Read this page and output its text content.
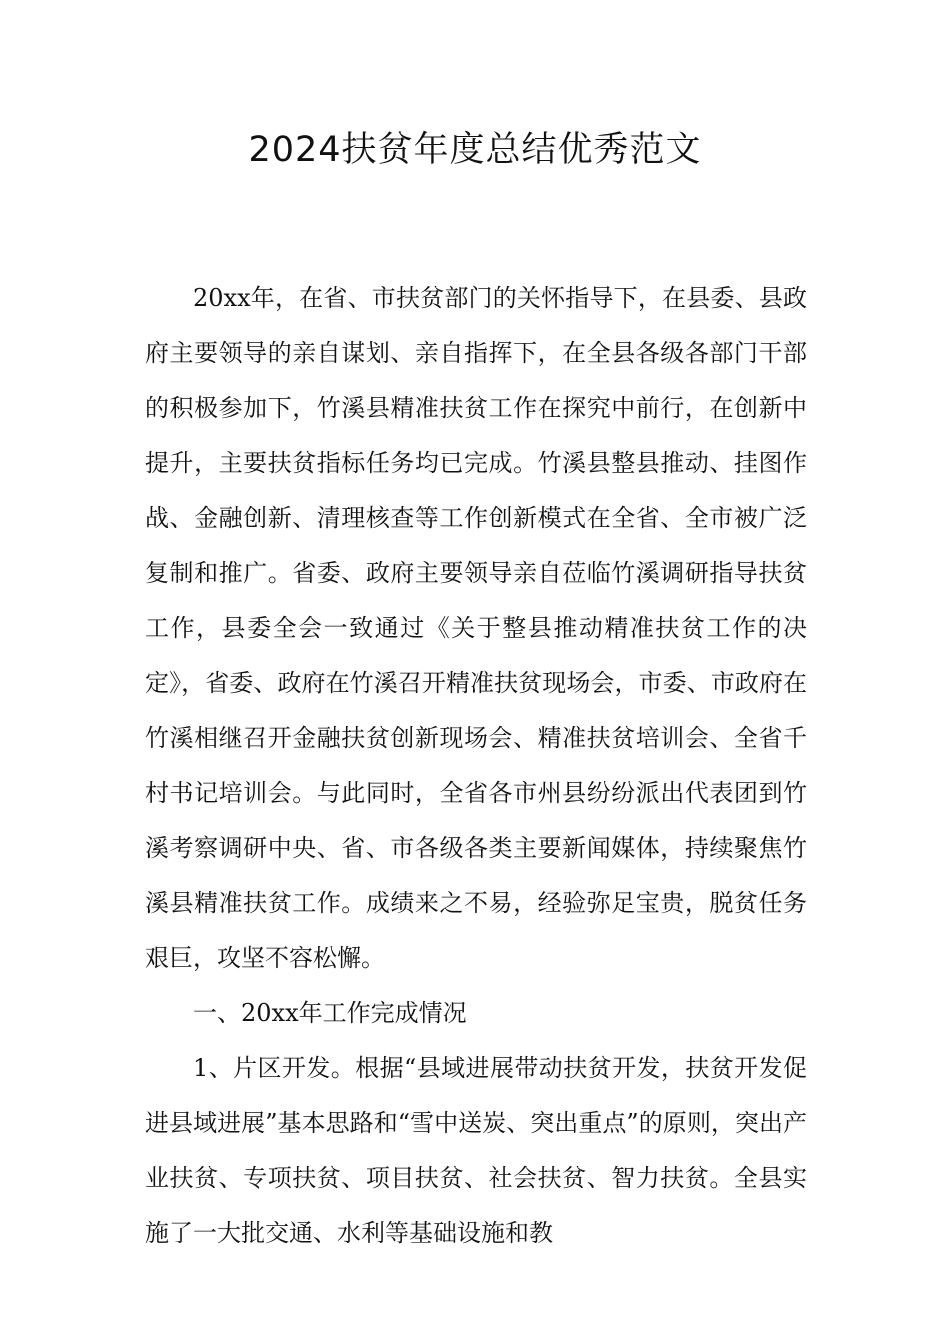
2024扶贫年度总结优秀范文

20xx年，在省、市扶贫部门的关怀指导下，在县委、县政府主要领导的亲自谋划、亲自指挥下，在全县各级各部门干部的积极参加下，竹溪县精准扶贫工作在探究中前行，在创新中提升，主要扶贫指标任务均已完成。竹溪县整县推动、挂图作战、金融创新、清理核查等工作创新模式在全省、全市被广泛复制和推广。省委、政府主要领导亲自莅临竹溪调研指导扶贫工作，县委全会一致通过《关于整县推动精准扶贫工作的决定》，省委、政府在竹溪召开精准扶贫现场会，市委、市政府在竹溪相继召开金融扶贫创新现场会、精准扶贫培训会、全省千村书记培训会。与此同时，全省各市州县纷纷派出代表团到竹溪考察调研中央、省、市各级各类主要新闻媒体，持续聚焦竹溪县精准扶贫工作。成绩来之不易，经验弥足宝贵，脱贫任务艰巨，攻坚不容松懈。

一、20xx年工作完成情况

1、片区开发。根据“县域进展带动扶贫开发，扶贫开发促进县域进展”基本思路和“雪中送炭、突出重点”的原则，突出产业扶贫、专项扶贫、项目扶贫、社会扶贫、智力扶贫。全县实施了一大批交通、水利等基础设施和教
